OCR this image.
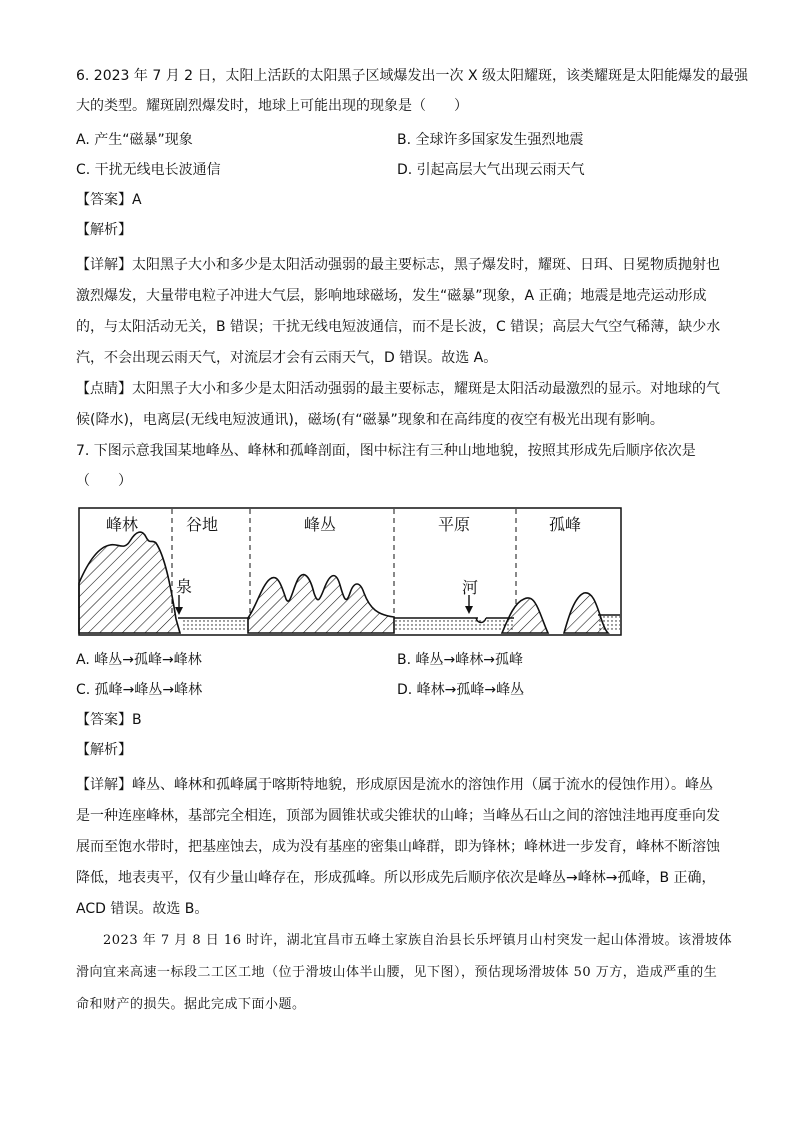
6. 2023 年 7 月 2 日，太阳上活跃的太阳黑子区域爆发出一次 X 级太阳耀斑，该类耀斑是太阳能爆发的最强
大的类型。耀斑剧烈爆发时，地球上可能出现的现象是（　　）
A. 产生“磁暴”现象	B. 全球许多国家发生强烈地震
C. 干扰无线电长波通信	D. 引起高层大气出现云雨天气
【答案】A
【解析】
【详解】太阳黑子大小和多少是太阳活动强弱的最主要标志，黑子爆发时，耀斑、日珥、日冕物质抛射也
激烈爆发，大量带电粒子冲进大气层，影响地球磁场，发生“磁暴”现象，A 正确；地震是地壳运动形成
的，与太阳活动无关，B 错误；干扰无线电短波通信，而不是长波，C 错误；高层大气空气稀薄，缺少水
汽，不会出现云雨天气，对流层才会有云雨天气，D 错误。故选 A。
【点睛】太阳黑子大小和多少是太阳活动强弱的最主要标志，耀斑是太阳活动最激烈的显示。对地球的气
候(降水)，电离层(无线电短波通讯)，磁场(有“磁暴”现象和在高纬度的夜空有极光出现有影响。
7. 下图示意我国某地峰丛、峰林和孤峰剖面，图中标注有三种山地地貌，按照其形成先后顺序依次是
（　　）
峰林	谷地	峰丛	平原	孤峰
泉	河
A. 峰丛→孤峰→峰林	B. 峰丛→峰林→孤峰
C. 孤峰→峰丛→峰林	D. 峰林→孤峰→峰丛
【答案】B
【解析】
【详解】峰丛、峰林和孤峰属于喀斯特地貌，形成原因是流水的溶蚀作用（属于流水的侵蚀作用）。峰丛
是一种连座峰林，基部完全相连，顶部为圆锥状或尖锥状的山峰；当峰丛石山之间的溶蚀洼地再度垂向发
展而至饱水带时，把基座蚀去，成为没有基座的密集山峰群，即为锋林；峰林进一步发育，峰林不断溶蚀
降低，地表夷平，仅有少量山峰存在，形成孤峰。所以形成先后顺序依次是峰丛→峰林→孤峰，B 正确，
ACD 错误。故选 B。
　　2023 年 7 月 8 日 16 时许，湖北宜昌市五峰土家族自治县长乐坪镇月山村突发一起山体滑坡。该滑坡体
滑向宜来高速一标段二工区工地（位于滑坡山体半山腰，见下图），预估现场滑坡体 50 万方，造成严重的生
命和财产的损失。据此完成下面小题。
